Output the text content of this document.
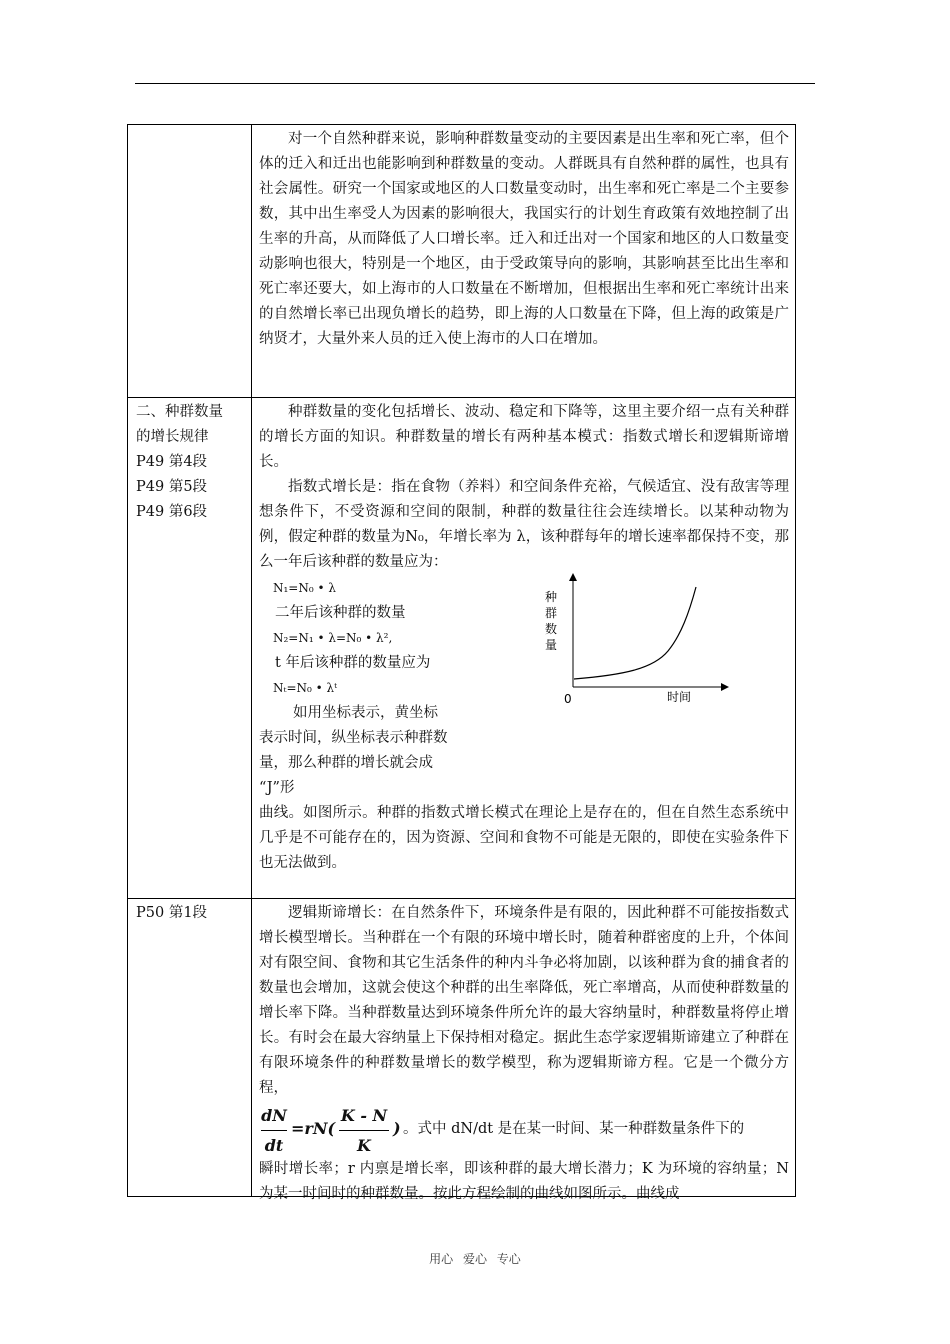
对一个自然种群来说，影响种群数量变动的主要因素是出生率和死亡率，但个体的迁入和迁出也能影响到种群数量的变动。人群既具有自然种群的属性，也具有社会属性。研究一个国家或地区的人口数量变动时，出生率和死亡率是二个主要参数，其中出生率受人为因素的影响很大，我国实行的计划生育政策有效地控制了出生率的升高，从而降低了人口增长率。迁入和迁出对一个国家和地区的人口数量变动影响也很大，特别是一个地区，由于受政策导向的影响，其影响甚至比出生率和死亡率还要大，如上海市的人口数量在不断增加，但根据出生率和死亡率统计出来的自然增长率已出现负增长的趋势，即上海的人口数量在下降，但上海的政策是广纳贤才，大量外来人员的迁入使上海市的人口在增加。

二、种群数量
的增长规律
P49 第4段
P49 第5段
P49 第6段

种群数量的变化包括增长、波动、稳定和下降等，这里主要介绍一点有关种群的增长方面的知识。种群数量的增长有两种基本模式：指数式增长和逻辑斯谛增长。

指数式增长是：指在食物（养料）和空间条件充裕，气候适宜、没有敌害等理想条件下，不受资源和空间的限制，种群的数量往往会连续增长。以某种动物为例，假定种群的数量为N₀，年增长率为 λ，该种群每年的增长速率都保持不变，那么一年后该种群的数量应为：

N₁=N₀ • λ
二年后该种群的数量
N₂=N₁ • λ=N₀ • λ²,
t 年后该种群的数量应为
Nₜ=N₀ • λᵗ
如用坐标表示，黄坐标
表示时间，纵坐标表示种群数
量，那么种群的增长就会成
“J”形

曲线。如图所示。种群的指数式增长模式在理论上是存在的，但在自然生态系统中几乎是不可能存在的，因为资源、空间和食物不可能是无限的，即使在实验条件下也无法做到。

种
群
数
量
0	时间
P50 第1段	逻辑斯谛增长：在自然条件下，环境条件是有限的，因此种群不可能按指数式增长模型增长。当种群在一个有限的环境中增长时，随着种群密度的上升，个体间对有限空间、食物和其它生活条件的种内斗争必将加剧，以该种群为食的捕食者的数量也会增加，这就会使这个种群的出生率降低，死亡率增高，从而使种群数量的增长率下降。当种群数量达到环境条件所允许的最大容纳量时，种群数量将停止增长。有时会在最大容纳量上下保持相对稳定。据此生态学家逻辑斯谛建立了种群在有限环境条件的种群数量增长的数学模型，称为逻辑斯谛方程。它是一个微分方程，

dN
dt
=rN(
K - N
K
) 。式中 dN/dt 是在某一时间、某一种群数量条件下的

瞬时增长率；r 内禀是增长率，即该种群的最大增长潜力；K 为环境的容纳量；N 为某一时间时的种群数量。按此方程绘制的曲线如图所示。曲线成

用心 爱心 专心
